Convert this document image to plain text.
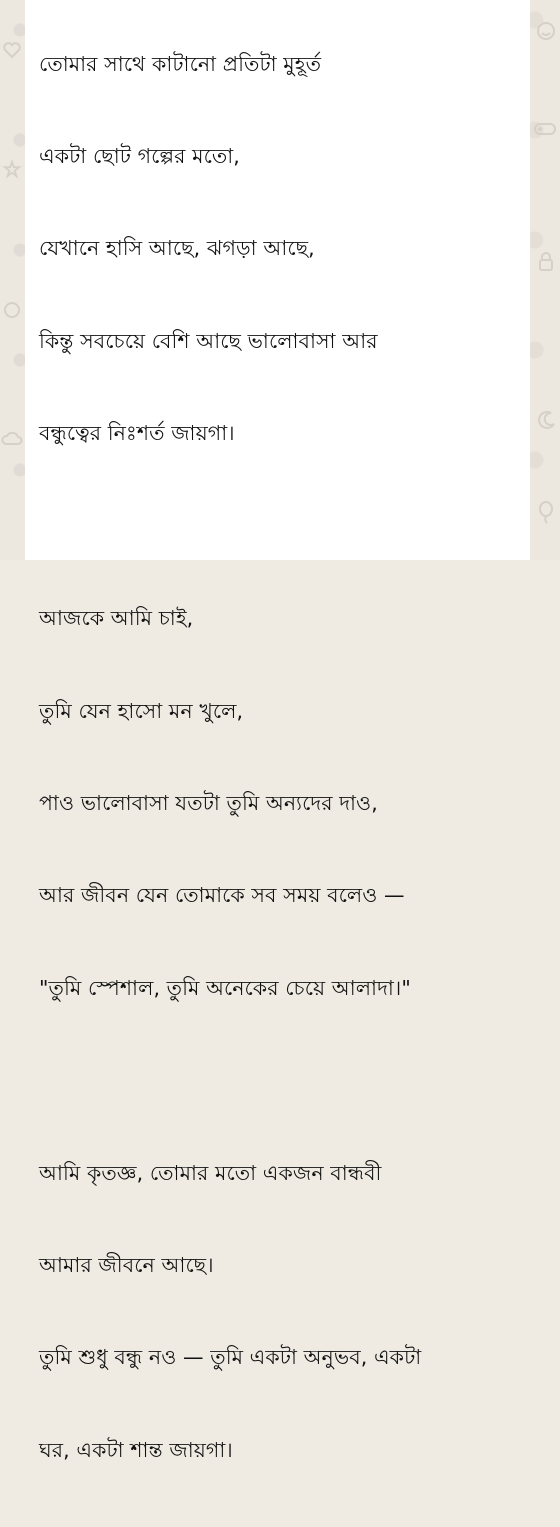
তোমার সাথে কাটানো প্রতিটা মুহূর্ত

একটা ছোট গল্পের মতো,

যেখানে হাসি আছে, ঝগড়া আছে,

কিন্তু সবচেয়ে বেশি আছে ভালোবাসা আর

বন্ধুত্বের নিঃশর্ত জায়গা।

আজকে আমি চাই,

তুমি যেন হাসো মন খুলে,

পাও ভালোবাসা যতটা তুমি অন্যদের দাও,

আর জীবন যেন তোমাকে সব সময় বলেও —

"তুমি স্পেশাল, তুমি অনেকের চেয়ে আলাদা।"

আমি কৃতজ্ঞ, তোমার মতো একজন বান্ধবী

আমার জীবনে আছে।

তুমি শুধু বন্ধু নও — তুমি একটা অনুভব, একটা

ঘর, একটা শান্ত জায়গা।
